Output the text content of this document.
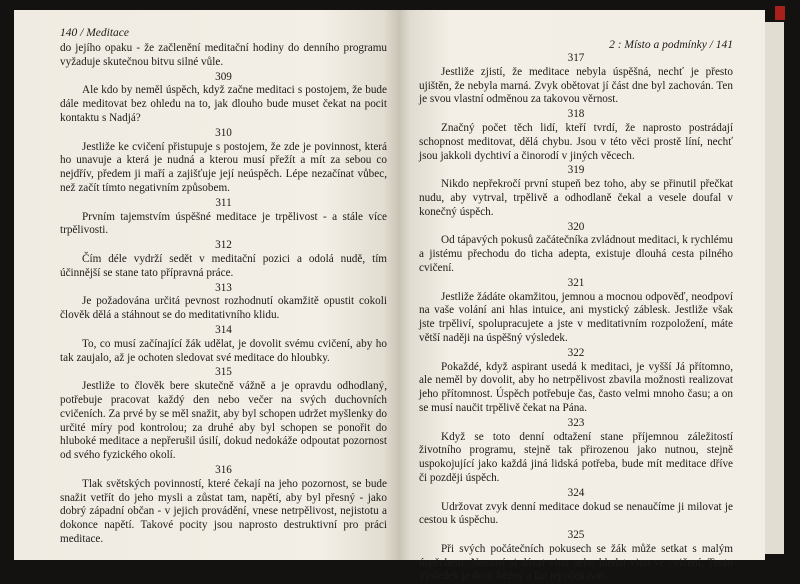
140 / Meditace

do jejího opaku - že začlenění meditační hodiny do denního programu vyžaduje skutečnou bitvu silné vůle.

309

Ale kdo by neměl úspěch, když začne meditaci s postojem, že bude dále meditovat bez ohledu na to, jak dlouho bude muset čekat na pocit kontaktu s Nadjá?

310

Jestliže ke cvičení přistupuje s postojem, že zde je povinnost, která ho unavuje a která je nudná a kterou musí přežít a mít za sebou co nejdřív, předem ji maří a zajišťuje její neúspěch. Lépe nezačínat vůbec, než začít tímto negativním způsobem.

311

Prvním tajemstvím úspěšné meditace je trpělivost - a stále více trpělivosti.

312

Čím déle vydrží sedět v meditační pozici a odolá nudě, tím účinnější se stane tato přípravná práce.

313

Je požadována určitá pevnost rozhodnutí okamžitě opustit cokoli člověk dělá a stáhnout se do meditativního klidu.

314

To, co musí začínající žák udělat, je dovolit svému cvičení, aby ho tak zaujalo, až je ochoten sledovat své meditace do hloubky.

315

Jestliže to člověk bere skutečně vážně a je opravdu odhodlaný, potřebuje pracovat každý den nebo večer na svých duchovních cvičeních. Za prvé by se měl snažit, aby byl schopen udržet myšlenky do určité míry pod kontrolou; za druhé aby byl schopen se ponořit do hluboké meditace a nepřerušil úsilí, dokud nedokáže odpoutat pozornost od svého fyzického okolí.

316

Tlak světských povinností, které čekají na jeho pozornost, se bude snažit vetřít do jeho mysli a zůstat tam, napětí, aby byl přesný - jako dobrý západní občan - v jejich provádění, vnese netrpělivost, nejistotu a dokonce napětí. Takové pocity jsou naprosto destruktivní pro práci meditace.

2 : Místo a podmínky / 141
317

Jestliže zjistí, že meditace nebyla úspěšná, nechť je přesto ujištěn, že nebyla marná. Zvyk obětovat jí část dne byl zachován. Ten je svou vlastní odměnou za takovou věrnost.

318

Značný počet těch lidí, kteří tvrdí, že naprosto postrádají schopnost meditovat, dělá chybu. Jsou v této věci prostě líní, nechť jsou jakkoli dychtiví a činorodí v jiných věcech.

319

Nikdo nepřekročí první stupeň bez toho, aby se přinutil přečkat nudu, aby vytrval, trpělivě a odhodlaně čekal a vesele doufal v konečný úspěch.

320

Od tápavých pokusů začátečníka zvládnout meditaci, k rychlému a jistému přechodu do ticha adepta, existuje dlouhá cesta pilného cvičení.

321

Jestliže žádáte okamžitou, jemnou a mocnou odpověď, neodpoví na vaše volání ani hlas intuice, ani mystický záblesk. Jestliže však jste trpěliví, spolupracujete a jste v meditativním rozpoložení, máte větší naději na úspěšný výsledek.

322

Pokaždé, když aspirant usedá k meditaci, je vyšší Já přítomno, ale neměl by dovolit, aby ho netrpělivost zbavila možnosti realizovat jeho přítomnost. Úspěch potřebuje čas, často velmi mnoho času; a on se musí naučit trpělivě čekat na Pána.

323

Když se toto denní odtažení stane příjemnou záležitostí životního programu, stejně tak přirozenou jako nutnou, stejně uspokojující jako každá jiná lidská potřeba, bude mít meditace dříve či později úspěch.

324

Udržovat zvyk denní meditace dokud se nenaučíme ji milovat je cestou k úspěchu.

325

Při svých počátečních pokusech se žák může setkat s malým úspěchem. Nemusí si dávat vinu nebo hledat vinu ve cvičení. Tento výsledek je dosti běžný a lze jej očekávat.
